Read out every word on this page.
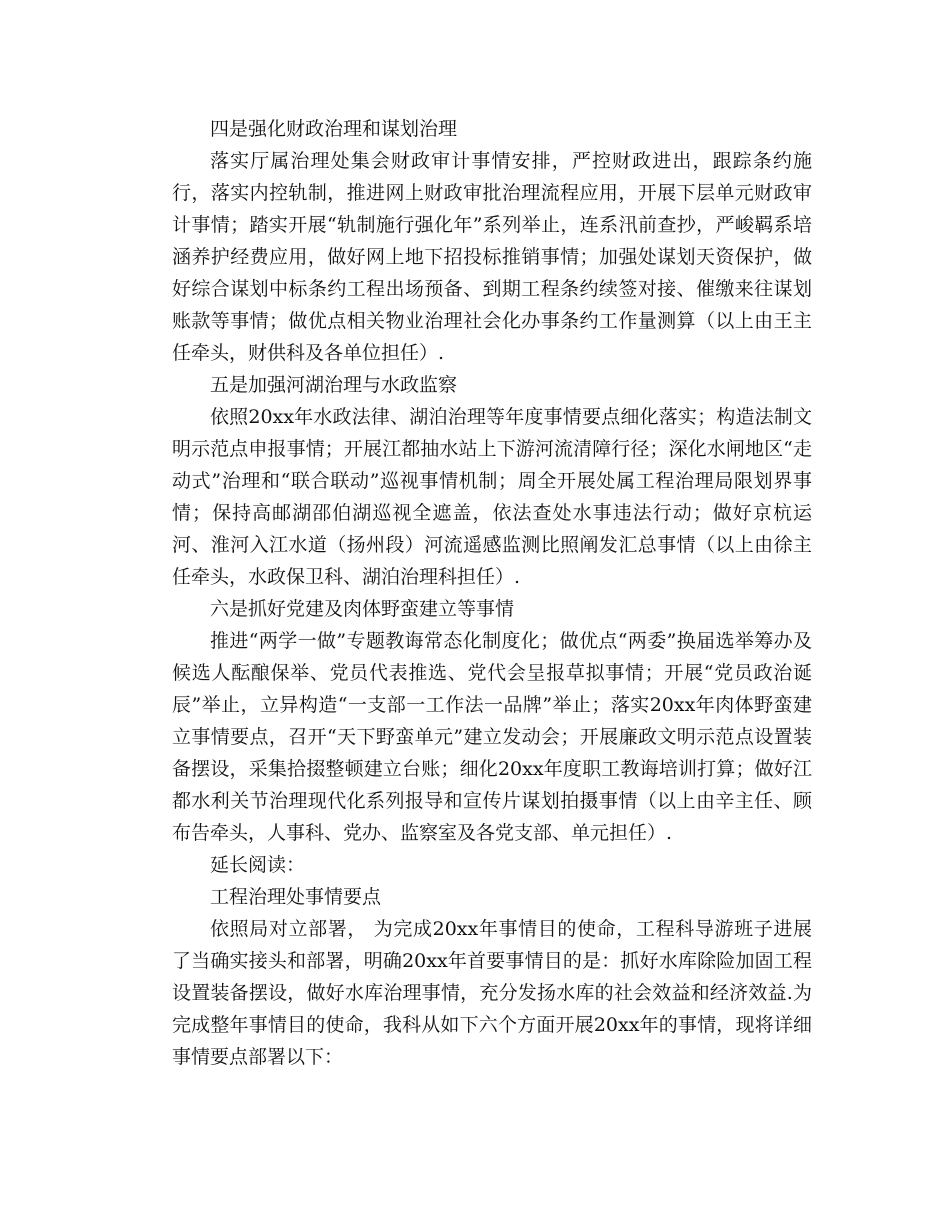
四是强化财政治理和谋划治理

落实厅属治理处集会财政审计事情安排，严控财政进出，跟踪条约施行，落实内控轨制，推进网上财政审批治理流程应用，开展下层单元财政审计事情；踏实开展“轨制施行强化年”系列举止，连系汛前查抄，严峻羁系培涵养护经费应用，做好网上地下招投标推销事情；加强处谋划天资保护，做好综合谋划中标条约工程出场预备、到期工程条约续签对接、催缴来往谋划账款等事情；做优点相关物业治理社会化办事条约工作量测算（以上由王主任牵头，财供科及各单位担任）.

五是加强河湖治理与水政监察

依照20xx年水政法律、湖泊治理等年度事情要点细化落实；构造法制文明示范点申报事情；开展江都抽水站上下游河流清障行径；深化水闸地区“走动式”治理和“联合联动”巡视事情机制；周全开展处属工程治理局限划界事情；保持高邮湖邵伯湖巡视全遮盖，依法查处水事违法行动；做好京杭运河、淮河入江水道（扬州段）河流遥感监测比照阐发汇总事情（以上由徐主任牵头，水政保卫科、湖泊治理科担任）.

六是抓好党建及肉体野蛮建立等事情

推进“两学一做”专题教诲常态化制度化；做优点“两委”换届选举筹办及候选人酝酿保举、党员代表推选、党代会呈报草拟事情；开展“党员政治诞辰”举止，立异构造“一支部一工作法一品牌”举止；落实20xx年肉体野蛮建立事情要点，召开“天下野蛮单元”建立发动会；开展廉政文明示范点设置装备摆设，采集拾掇整顿建立台账；细化20xx年度职工教诲培训打算；做好江都水利关节治理现代化系列报导和宣传片谋划拍摄事情（以上由辛主任、顾布告牵头，人事科、党办、监察室及各党支部、单元担任）.

延长阅读：

工程治理处事情要点

依照局对立部署， 为完成20xx年事情目的使命，工程科导游班子进展了当确实接头和部署，明确20xx年首要事情目的是：抓好水库除险加固工程设置装备摆设，做好水库治理事情，充分发扬水库的社会效益和经济效益.为完成整年事情目的使命，我科从如下六个方面开展20xx年的事情，现将详细事情要点部署以下：
